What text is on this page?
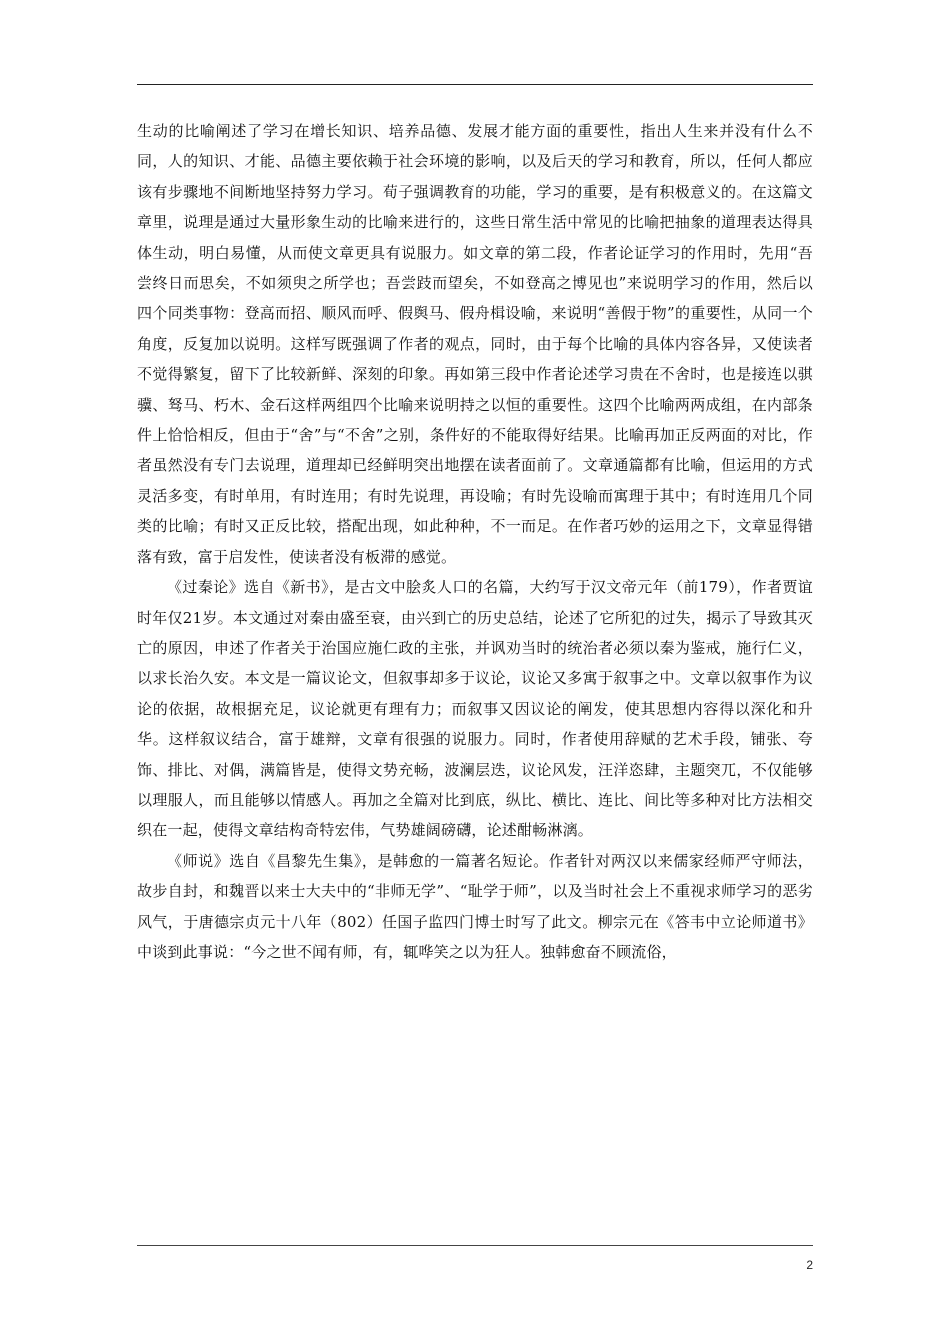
生动的比喻阐述了学习在增长知识、培养品德、发展才能方面的重要性，指出人生来并没有什么不同，人的知识、才能、品德主要依赖于社会环境的影响，以及后天的学习和教育，所以，任何人都应该有步骤地不间断地坚持努力学习。荀子强调教育的功能，学习的重要，是有积极意义的。在这篇文章里，说理是通过大量形象生动的比喻来进行的，这些日常生活中常见的比喻把抽象的道理表达得具体生动，明白易懂，从而使文章更具有说服力。如文章的第二段，作者论证学习的作用时，先用“吾尝终日而思矣，不如须臾之所学也；吾尝跂而望矣，不如登高之博见也”来说明学习的作用，然后以四个同类事物：登高而招、顺风而呼、假舆马、假舟楫设喻，来说明“善假于物”的重要性，从同一个角度，反复加以说明。这样写既强调了作者的观点，同时，由于每个比喻的具体内容各异，又使读者不觉得繁复，留下了比较新鲜、深刻的印象。再如第三段中作者论述学习贵在不舍时，也是接连以骐骥、驽马、朽木、金石这样两组四个比喻来说明持之以恒的重要性。这四个比喻两两成组，在内部条件上恰恰相反，但由于“舍”与“不舍”之别，条件好的不能取得好结果。比喻再加正反两面的对比，作者虽然没有专门去说理，道理却已经鲜明突出地摆在读者面前了。文章通篇都有比喻，但运用的方式灵活多变，有时单用，有时连用；有时先说理，再设喻；有时先设喻而寓理于其中；有时连用几个同类的比喻；有时又正反比较，搭配出现，如此种种，不一而足。在作者巧妙的运用之下，文章显得错落有致，富于启发性，使读者没有板滞的感觉。

《过秦论》选自《新书》，是古文中脍炙人口的名篇，大约写于汉文帝元年（前179），作者贾谊时年仅21岁。本文通过对秦由盛至衰，由兴到亡的历史总结，论述了它所犯的过失，揭示了导致其灭亡的原因，申述了作者关于治国应施仁政的主张，并讽劝当时的统治者必须以秦为鉴戒，施行仁义，以求长治久安。本文是一篇议论文，但叙事却多于议论，议论又多寓于叙事之中。文章以叙事作为议论的依据，故根据充足，议论就更有理有力；而叙事又因议论的阐发，使其思想内容得以深化和升华。这样叙议结合，富于雄辩，文章有很强的说服力。同时，作者使用辞赋的艺术手段，铺张、夸饰、排比、对偶，满篇皆是，使得文势充畅，波澜层迭，议论风发，汪洋恣肆，主题突兀，不仅能够以理服人，而且能够以情感人。再加之全篇对比到底，纵比、横比、连比、间比等多种对比方法相交织在一起，使得文章结构奇特宏伟，气势雄阔磅礴，论述酣畅淋漓。

《师说》选自《昌黎先生集》，是韩愈的一篇著名短论。作者针对两汉以来儒家经师严守师法，故步自封，和魏晋以来士大夫中的“非师无学”、“耻学于师”，以及当时社会上不重视求师学习的恶劣风气，于唐德宗贞元十八年（802）任国子监四门博士时写了此文。柳宗元在《答韦中立论师道书》中谈到此事说：“今之世不闻有师，有，辄哗笑之以为狂人。独韩愈奋不顾流俗，

2
